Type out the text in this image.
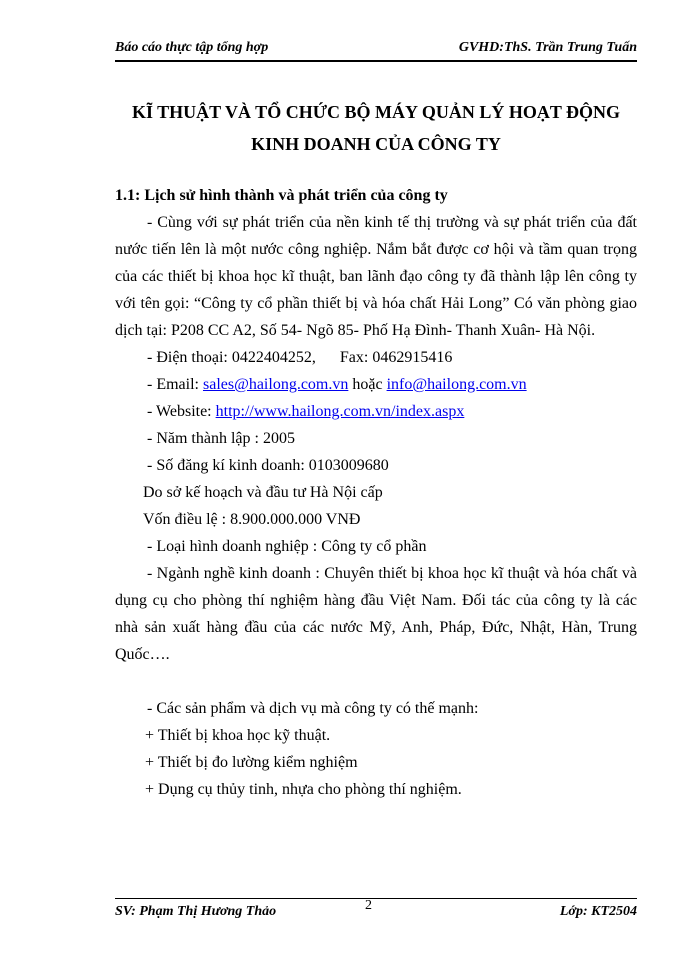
Báo cáo thực tập tổng hợp	GVHD:ThS. Trần Trung Tuấn
KĨ THUẬT VÀ TỔ CHỨC BỘ MÁY QUẢN LÝ HOẠT ĐỘNG
KINH DOANH CỦA CÔNG TY

1.1: Lịch sử hình thành và phát triển của công ty

- Cùng với sự phát triển của nền kinh tế thị trường và sự phát triển của đất nước tiến lên là một nước công nghiệp. Nắm bắt được cơ hội và tầm quan trọng của các thiết bị khoa học kĩ thuật, ban lãnh đạo công ty đã thành lập lên công ty với tên gọi: “Công ty cổ phần thiết bị và hóa chất Hải Long” Có văn phòng giao dịch tại: P208 CC A2, Số 54- Ngõ 85- Phố Hạ Đình- Thanh Xuân- Hà Nội.

- Điện thoại: 0422404252, Fax: 0462915416

- Email: sales@hailong.com.vn hoặc info@hailong.com.vn

- Website: http://www.hailong.com.vn/index.aspx

- Năm thành lập : 2005

- Số đăng kí kinh doanh: 0103009680

Do sở kế hoạch và đầu tư Hà Nội cấp

Vốn điều lệ : 8.900.000.000 VNĐ

- Loại hình doanh nghiệp : Công ty cổ phần

- Ngành nghề kinh doanh : Chuyên thiết bị khoa học kĩ thuật và hóa chất và dụng cụ cho phòng thí nghiệm hàng đầu Việt Nam. Đối tác của công ty là các nhà sản xuất hàng đầu của các nước Mỹ, Anh, Pháp, Đức, Nhật, Hàn, Trung Quốc….

- Các sản phẩm và dịch vụ mà công ty có thế mạnh:

+ Thiết bị khoa học kỹ thuật.

+ Thiết bị đo lường kiểm nghiệm

+ Dụng cụ thủy tinh, nhựa cho phòng thí nghiệm.

SV: Phạm Thị Hương Thảo	Lớp: KT2504
2
